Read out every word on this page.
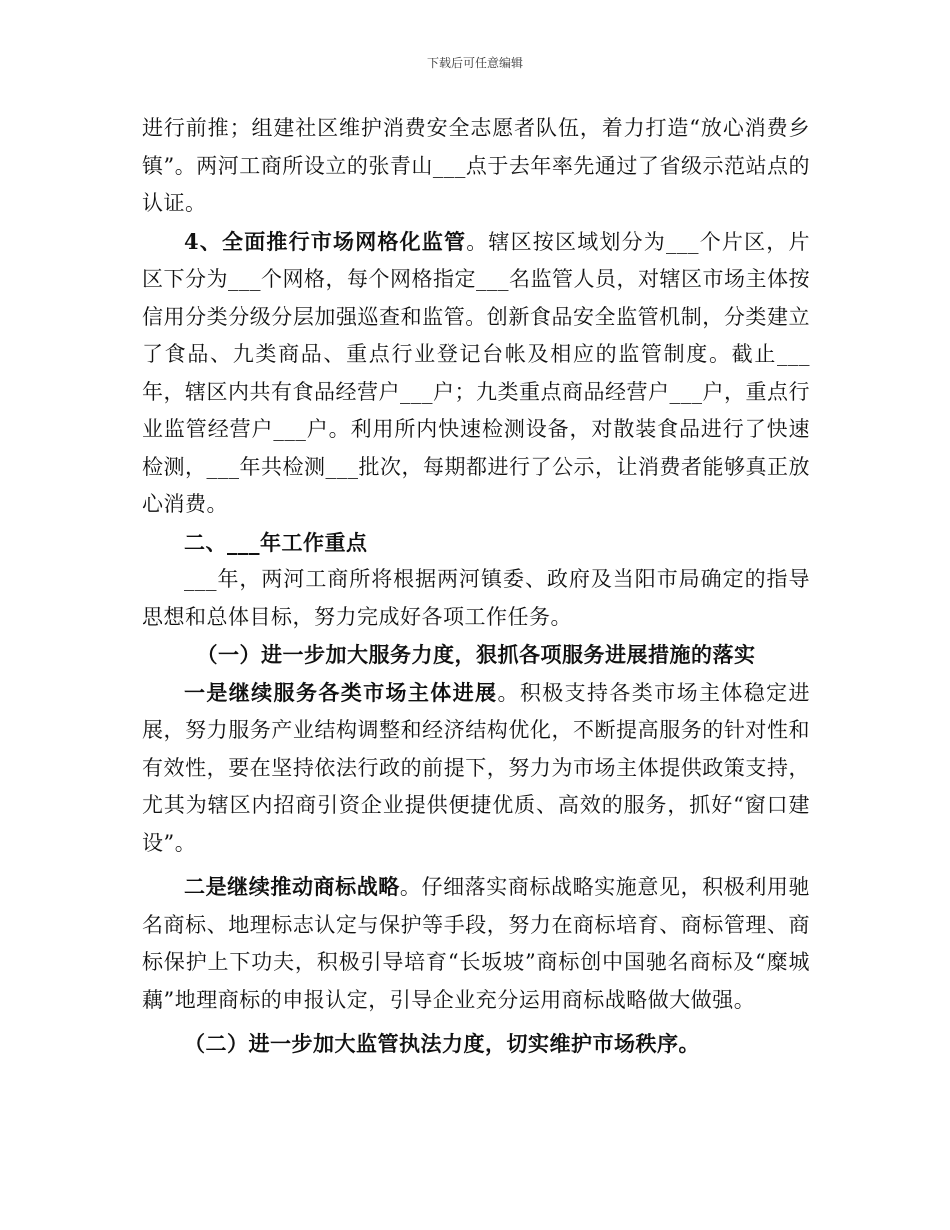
下载后可任意编辑

进行前推；组建社区维护消费安全志愿者队伍，着力打造“放心消费乡镇”。两河工商所设立的张青山___点于去年率先通过了省级示范站点的认证。

4、全面推行市场网格化监管。辖区按区域划分为___个片区，片区下分为___个网格，每个网格指定___名监管人员，对辖区市场主体按信用分类分级分层加强巡查和监管。创新食品安全监管机制，分类建立了食品、九类商品、重点行业登记台帐及相应的监管制度。截止___年，辖区内共有食品经营户___户；九类重点商品经营户___户，重点行业监管经营户___户。利用所内快速检测设备，对散装食品进行了快速检测，___年共检测___批次，每期都进行了公示，让消费者能够真正放心消费。

二、___年工作重点

___年，两河工商所将根据两河镇委、政府及当阳市局确定的指导思想和总体目标，努力完成好各项工作任务。

（一）进一步加大服务力度，狠抓各项服务进展措施的落实

一是继续服务各类市场主体进展。积极支持各类市场主体稳定进展，努力服务产业结构调整和经济结构优化，不断提高服务的针对性和有效性，要在坚持依法行政的前提下，努力为市场主体提供政策支持，尤其为辖区内招商引资企业提供便捷优质、高效的服务，抓好“窗口建设”。

二是继续推动商标战略。仔细落实商标战略实施意见，积极利用驰名商标、地理标志认定与保护等手段，努力在商标培育、商标管理、商标保护上下功夫，积极引导培育“长坂坡”商标创中国驰名商标及“糜城藕”地理商标的申报认定，引导企业充分运用商标战略做大做强。

（二）进一步加大监管执法力度，切实维护市场秩序。
